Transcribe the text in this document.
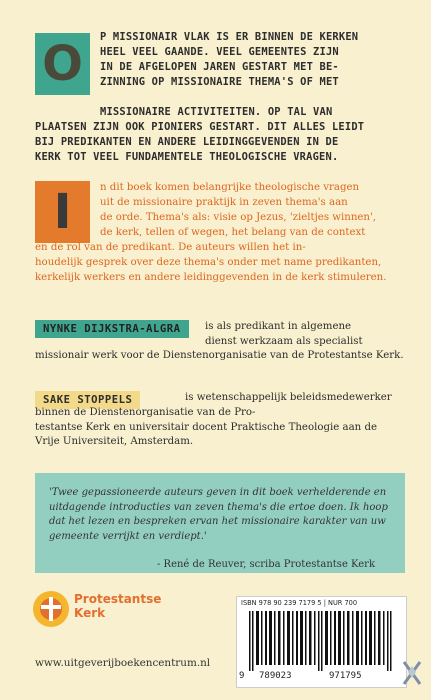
O	P MISSIONAIR VLAK IS ER BINNEN DE KERKEN
HEEL VEEL GAANDE. VEEL GEMEENTES ZIJN
IN DE AFGELOPEN JAREN GESTART MET BE-
ZINNING OP MISSIONAIRE THEMA'S OF MET
MISSIONAIRE ACTIVITEITEN. OP TAL VAN
PLAATSEN ZIJN OOK PIONIERS GESTART. DIT ALLES LEIDT
BIJ PREDIKANTEN EN ANDERE LEIDINGGEVENDEN IN DE
KERK TOT VEEL FUNDAMENTELE THEOLOGISCHE VRAGEN.
I	n dit boek komen belangrijke theologische vragen
uit de missionaire praktijk in zeven thema's aan
de orde. Thema's als: visie op Jezus, 'zieltjes winnen',
de kerk, tellen of wegen, het belang van de context
en de rol van de predikant. De auteurs willen het in-
houdelijk gesprek over deze thema's onder met name predikanten,
kerkelijk werkers en andere leidinggevenden in de kerk stimuleren.
NYNKE DIJKSTRA-ALGRA	is als predikant in algemene
dienst werkzaam als specialist
missionair werk voor de Dienstenorganisatie van de Protestantse Kerk.
SAKE STOPPELS	is wetenschappelijk beleidsmedewerker
binnen de Dienstenorganisatie van de Pro-
testantse Kerk en universitair docent Praktische Theologie aan de
Vrije Universiteit, Amsterdam.

'Twee gepassioneerde auteurs geven in dit boek verhelderende en uitdagende introducties van zeven thema's die ertoe doen. Ik hoop dat het lezen en bespreken ervan het missionaire karakter van uw gemeente verrijkt en verdiept.'

- René de Reuver, scriba Protestantse Kerk
Protestantse
Kerk
ISBN 978 90 239 7179 5 | NUR 700
9 789023	971795
www.uitgeverijboekencentrum.nl
